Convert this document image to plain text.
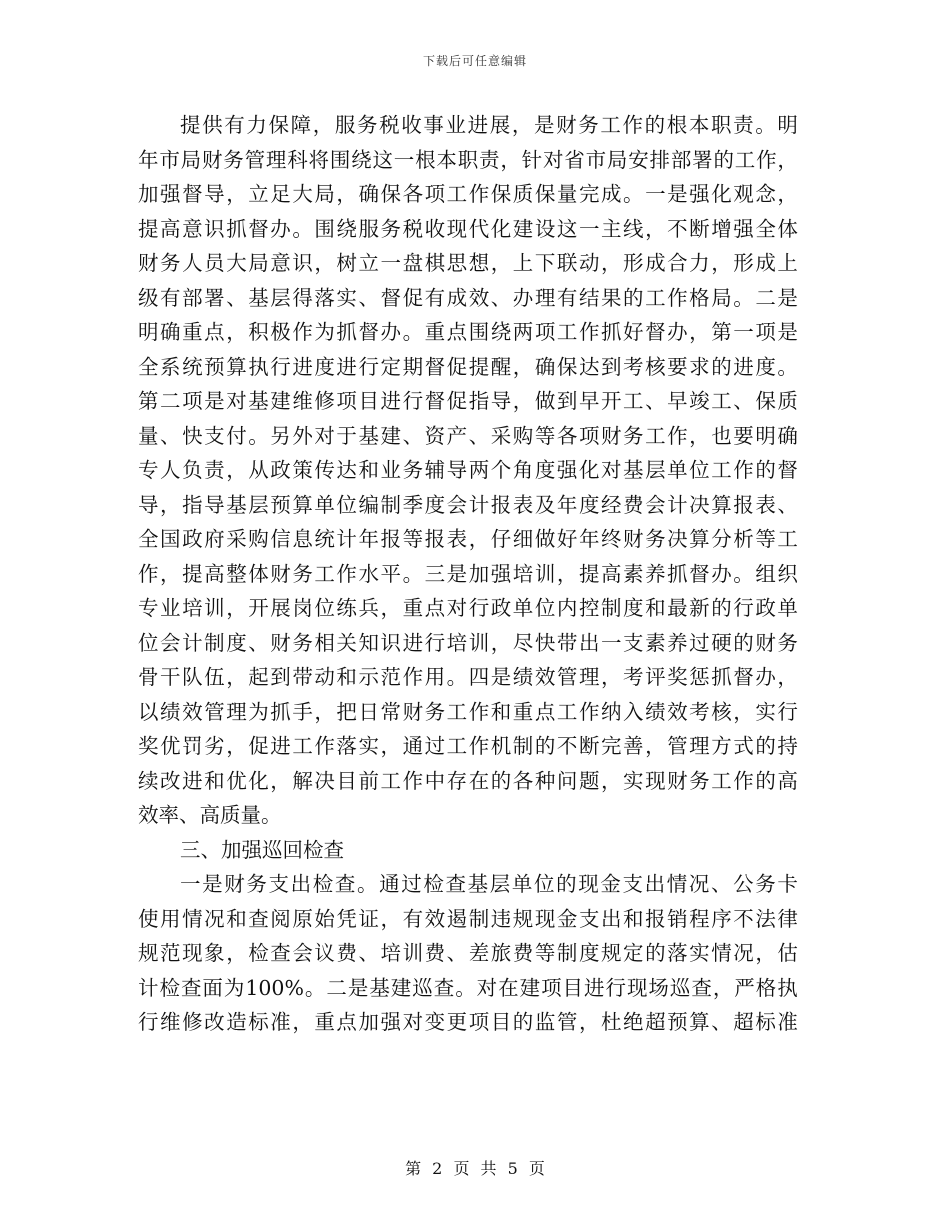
下载后可任意编辑
提 供 有 力 保 障 ， 服 务 税 收 事 业 进 展 ， 是 财 务 工 作 的 根 本 职 责 。 明
年 市 局 财 务 管 理 科 将 围 绕 这 一 根 本 职 责 ， 针 对 省 市 局 安 排 部 署 的 工 作 ，
加 强 督 导 ， 立 足 大 局 ， 确 保 各 项 工 作 保 质 保 量 完 成 。 一 是 强 化 观 念 ，
提 高 意 识 抓 督 办 。 围 绕 服 务 税 收 现 代 化 建 设 这 一 主 线 ， 不 断 增 强 全 体
财 务 人 员 大 局 意 识 ， 树 立 一 盘 棋 思 想 ， 上 下 联 动 ， 形 成 合 力 ， 形 成 上
级 有 部 署 、 基 层 得 落 实 、 督 促 有 成 效 、 办 理 有 结 果 的 工 作 格 局 。 二 是
明 确 重 点 ， 积 极 作 为 抓 督 办 。 重 点 围 绕 两 项 工 作 抓 好 督 办 ， 第 一 项 是
全 系 统 预 算 执 行 进 度 进 行 定 期 督 促 提 醒 ， 确 保 达 到 考 核 要 求 的 进 度 。
第 二 项 是 对 基 建 维 修 项 目 进 行 督 促 指 导 ， 做 到 早 开 工 、 早 竣 工 、 保 质
量 、 快 支 付 。 另 外 对 于 基 建 、 资 产 、 采 购 等 各 项 财 务 工 作 ， 也 要 明 确
专 人 负 责 ， 从 政 策 传 达 和 业 务 辅 导 两 个 角 度 强 化 对 基 层 单 位 工 作 的 督
导 ， 指 导 基 层 预 算 单 位 编 制 季 度 会 计 报 表 及 年 度 经 费 会 计 决 算 报 表 、
全 国 政 府 采 购 信 息 统 计 年 报 等 报 表 ， 仔 细 做 好 年 终 财 务 决 算 分 析 等 工
作 ， 提 高 整 体 财 务 工 作 水 平 。 三 是 加 强 培 训 ， 提 高 素 养 抓 督 办 。 组 织
专 业 培 训 ， 开 展 岗 位 练 兵 ， 重 点 对 行 政 单 位 内 控 制 度 和 最 新 的 行 政 单
位 会 计 制 度 、 财 务 相 关 知 识 进 行 培 训 ， 尽 快 带 出 一 支 素 养 过 硬 的 财 务
骨 干 队 伍 ， 起 到 带 动 和 示 范 作 用 。 四 是 绩 效 管 理 ， 考 评 奖 惩 抓 督 办 ，
以 绩 效 管 理 为 抓 手 ， 把 日 常 财 务 工 作 和 重 点 工 作 纳 入 绩 效 考 核 ， 实 行
奖 优 罚 劣 ， 促 进 工 作 落 实 ， 通 过 工 作 机 制 的 不 断 完 善 ， 管 理 方 式 的 持
续 改 进 和 优 化 ， 解 决 目 前 工 作 中 存 在 的 各 种 问 题 ， 实 现 财 务 工 作 的 高
效率、高质量。
三、加强巡回检查
一 是 财 务 支 出 检 查 。 通 过 检 查 基 层 单 位 的 现 金 支 出 情 况 、 公 务 卡
使 用 情 况 和 查 阅 原 始 凭 证 ， 有 效 遏 制 违 规 现 金 支 出 和 报 销 程 序 不 法 律
规 范 现 象 ， 检 查 会 议 费 、 培 训 费 、 差 旅 费 等 制 度 规 定 的 落 实 情 况 ， 估
计 检 查 面 为 100% 。 二 是 基 建 巡 查 。 对 在 建 项 目 进 行 现 场 巡 查 ， 严 格 执
行 维 修 改 造 标 准 ， 重 点 加 强 对 变 更 项 目 的 监 管 ， 杜 绝 超 预 算 、 超 标 准
第 2 页 共 5 页
